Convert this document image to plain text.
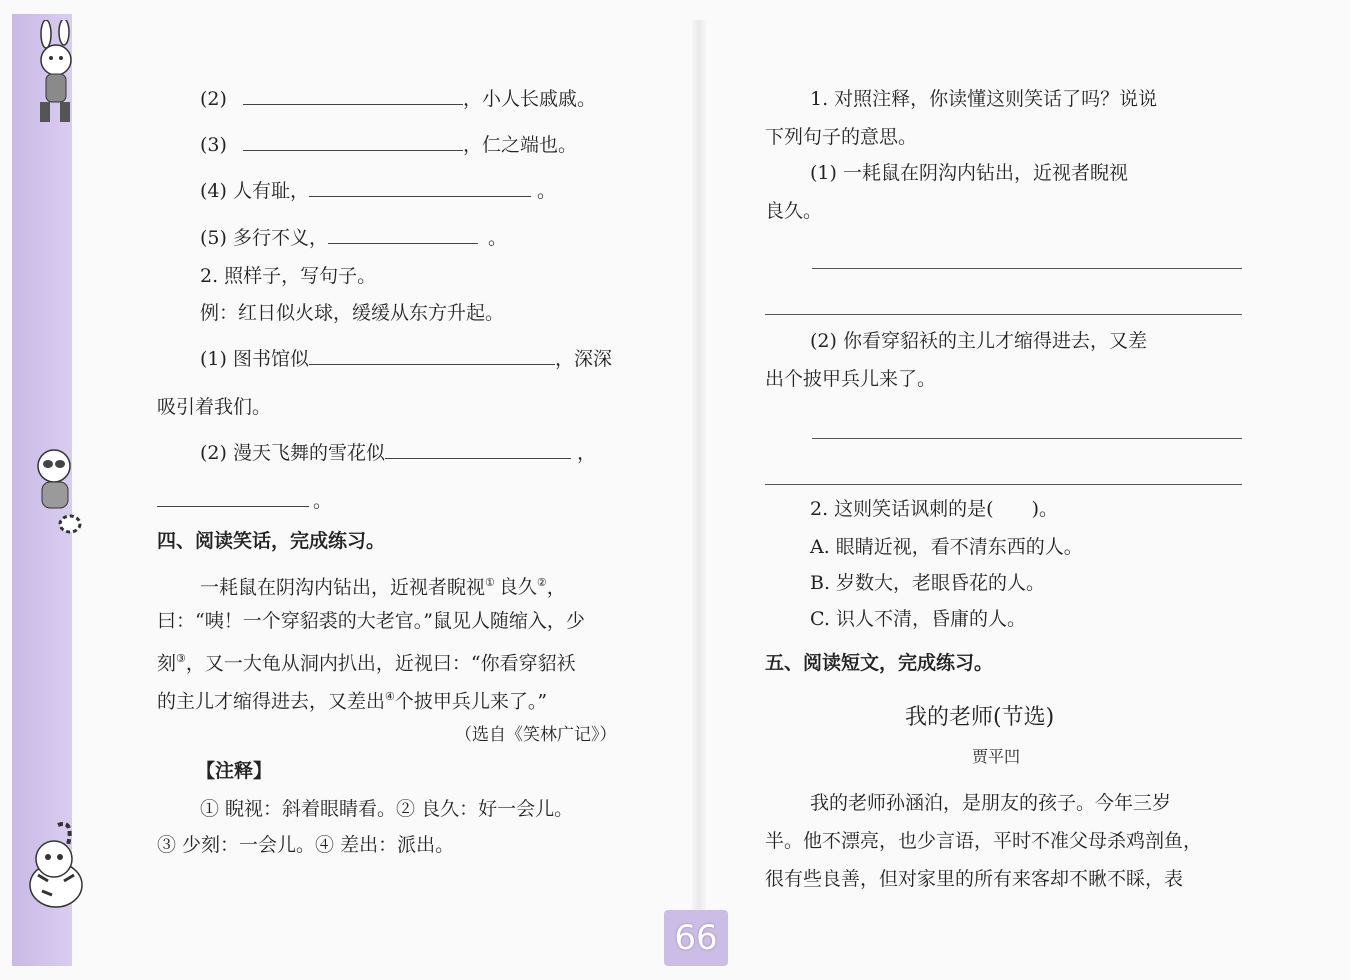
(2)	，小人长戚戚。
(3)	，仁之端也。
(4) 人有耻，	。
(5) 多行不义，	。
2. 照样子，写句子。
例：红日似火球，缓缓从东方升起。
(1) 图书馆似	，深深
吸引着我们。
(2) 漫天飞舞的雪花似	，
。
四、阅读笑话，完成练习。
一耗鼠在阴沟内钻出，近视者睨视① 良久②，
曰：“咦！一个穿貂裘的大老官。”鼠见人随缩入，少
刻③，又一大龟从洞内扒出，近视曰：“你看穿貂袄
的主儿才缩得进去，又差出④个披甲兵儿来了。”
（选自《笑林广记》）
【注释】
① 睨视：斜着眼睛看。② 良久：好一会儿。
③ 少刻：一会儿。④ 差出：派出。
1. 对照注释，你读懂这则笑话了吗？说说
下列句子的意思。
(1) 一耗鼠在阴沟内钻出，近视者睨视
良久。
(2) 你看穿貂袄的主儿才缩得进去，又差
出个披甲兵儿来了。
2. 这则笑话讽刺的是(　　)。
A. 眼睛近视，看不清东西的人。
B. 岁数大，老眼昏花的人。
C. 识人不清，昏庸的人。
五、阅读短文，完成练习。
我的老师(节选)
贾平凹
我的老师孙涵泊，是朋友的孩子。今年三岁
半。他不漂亮，也少言语，平时不准父母杀鸡剖鱼，
很有些良善，但对家里的所有来客却不瞅不睬，表
66
